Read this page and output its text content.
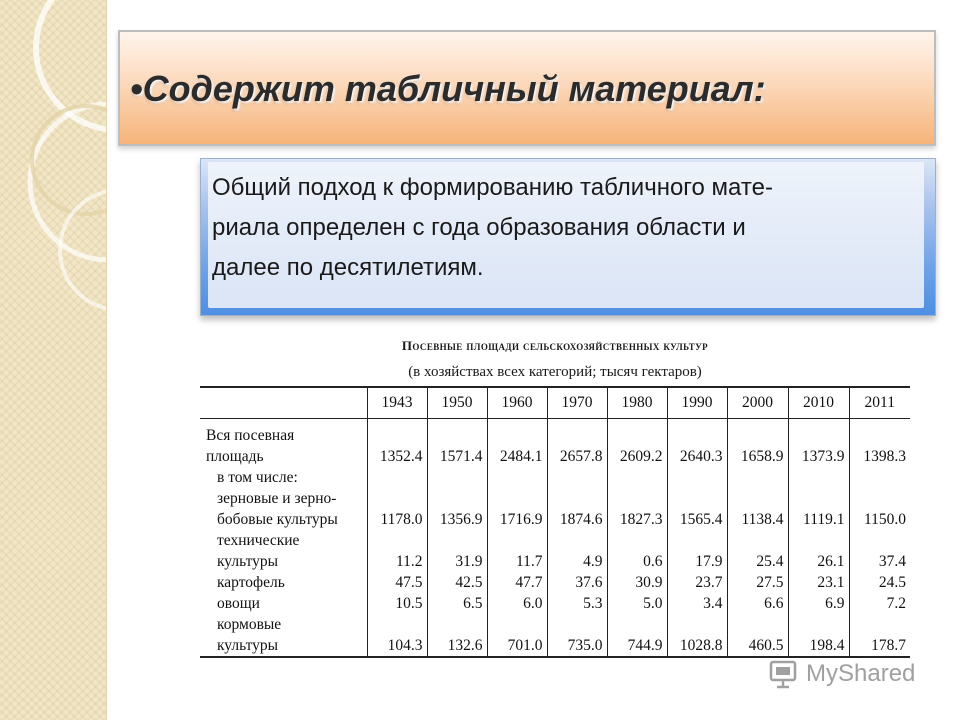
•Содержит табличный материал:

Общий подход к формированию табличного мате-
риала определен с года образования области и
далее по десятилетиям.

Посевные площади сельскохозяйственных культур

(в хозяйствах всех категорий; тысяч гектаров)

	1943	1950	1960	1970	1980	1990	2000	2010	2011
Вся посевная									
площадь	1352.4	1571.4	2484.1	2657.8	2609.2	2640.3	1658.9	1373.9	1398.3
в том числе:									
зерновые и зерно-									
бобовые культуры	1178.0	1356.9	1716.9	1874.6	1827.3	1565.4	1138.4	1119.1	1150.0
технические									
культуры	11.2	31.9	11.7	4.9	0.6	17.9	25.4	26.1	37.4
картофель	47.5	42.5	47.7	37.6	30.9	23.7	27.5	23.1	24.5
овощи	10.5	6.5	6.0	5.3	5.0	3.4	6.6	6.9	7.2
кормовые									
культуры	104.3	132.6	701.0	735.0	744.9	1028.8	460.5	198.4	178.7
MyShared
